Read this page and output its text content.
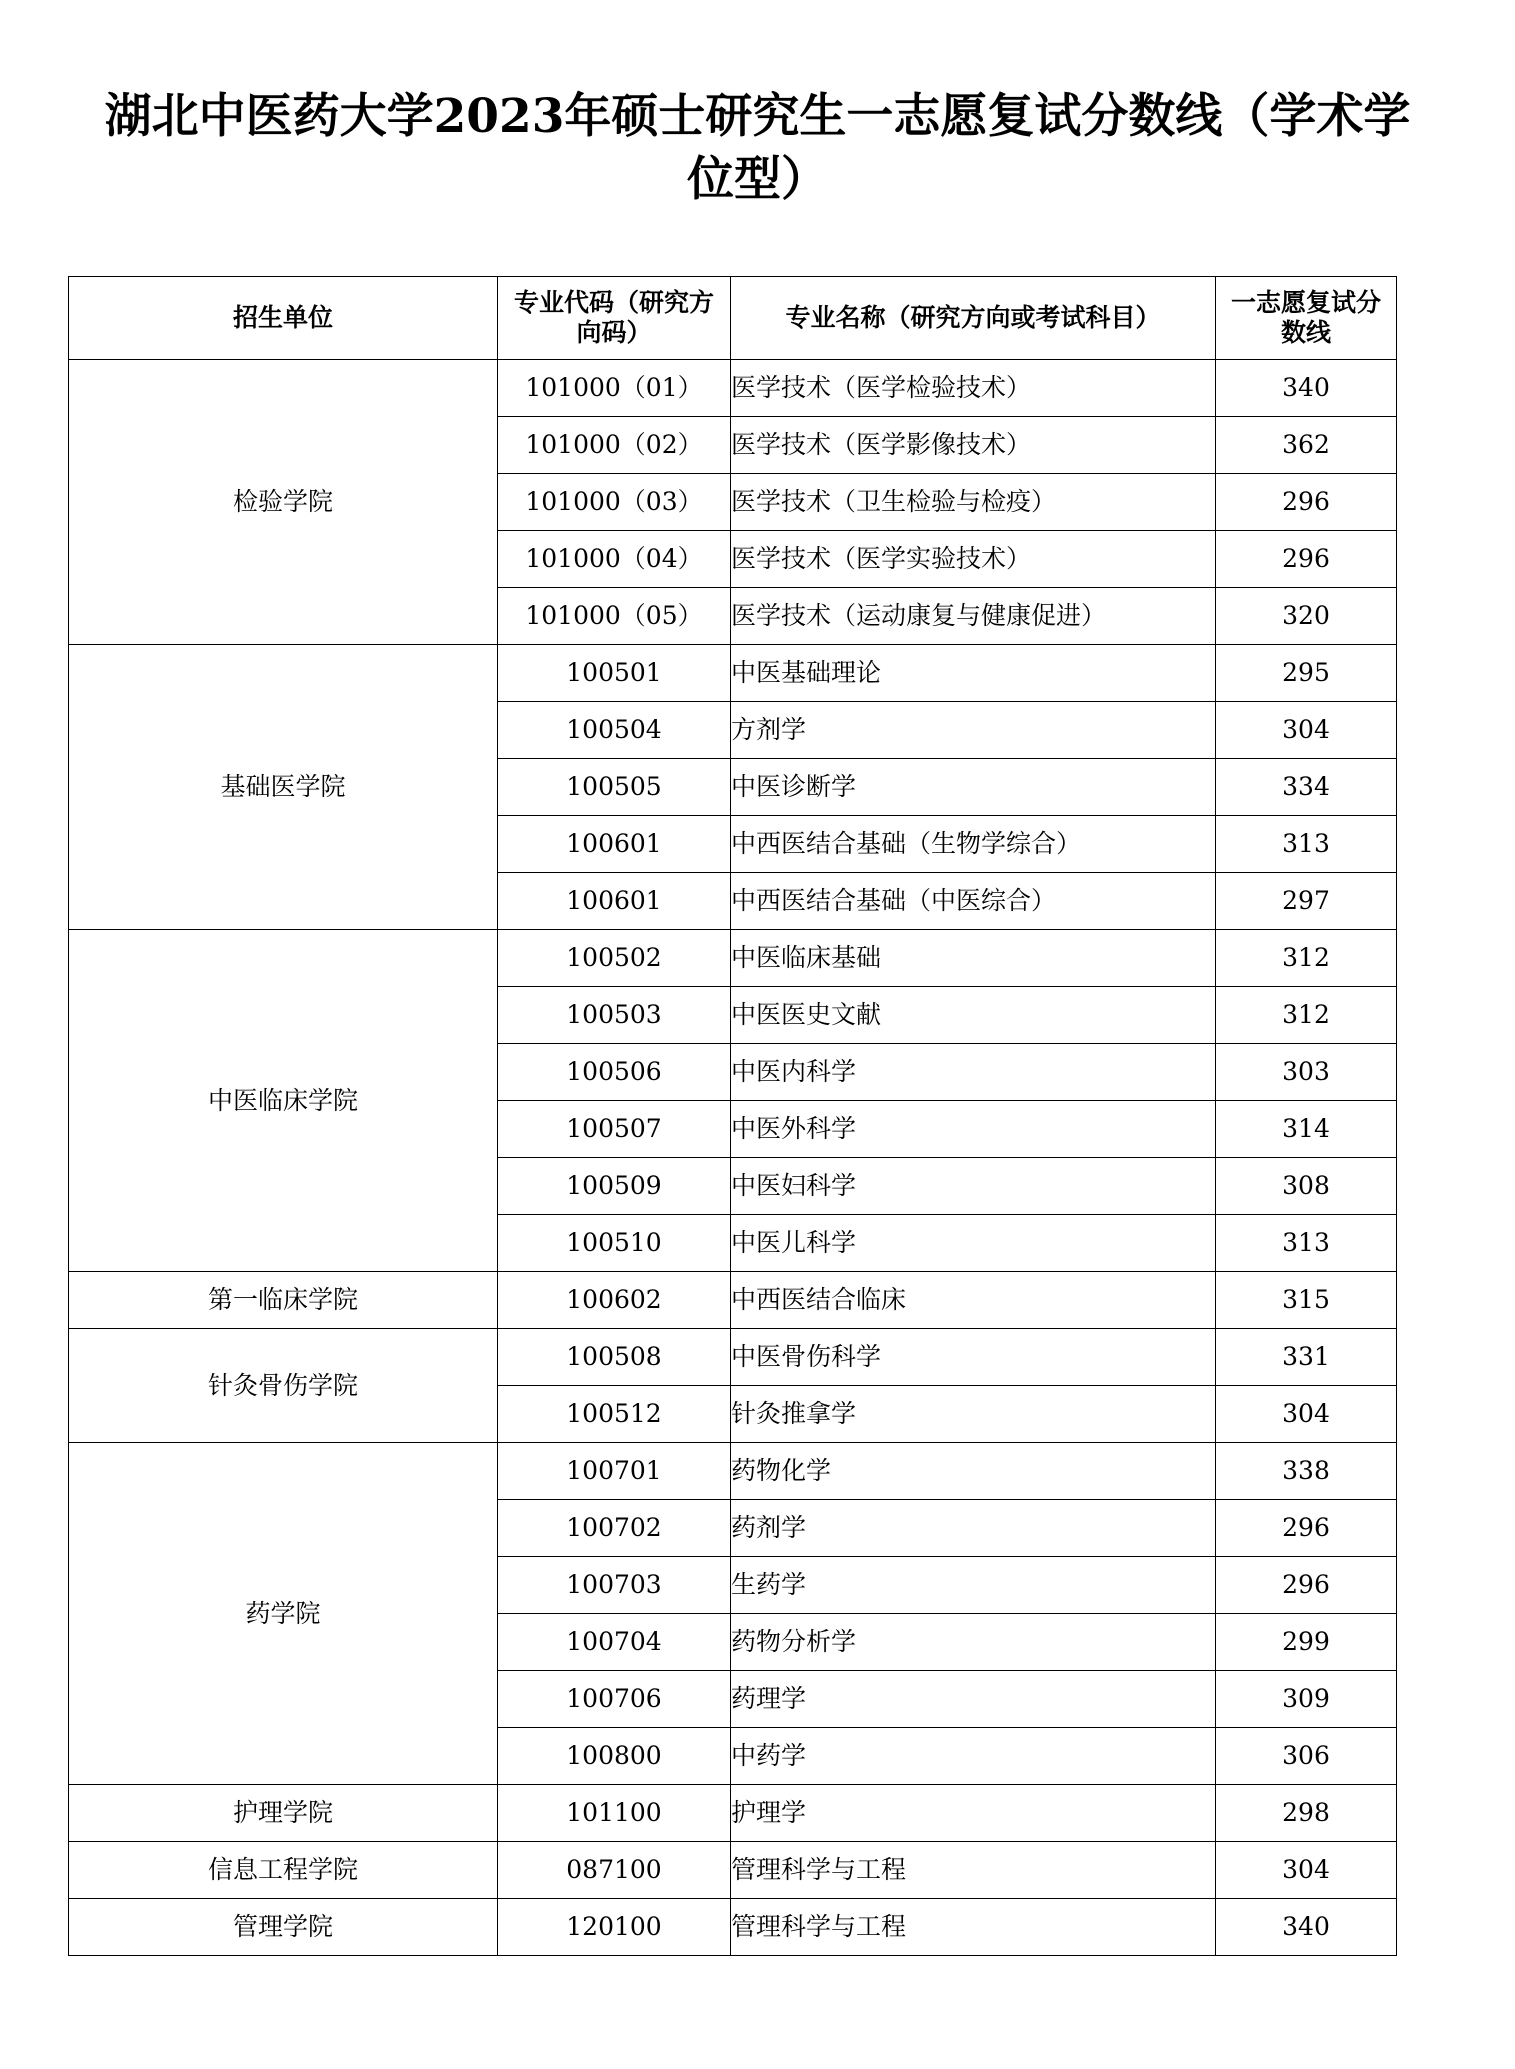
湖北中医药大学2023年硕士研究生一志愿复试分数线（学术学位型）
招生单位	专业代码（研究方向码）	专业名称（研究方向或考试科目）	一志愿复试分数线
检验学院	101000（01）	医学技术（医学检验技术）	340
	101000（02）	医学技术（医学影像技术）	362
	101000（03）	医学技术（卫生检验与检疫）	296
	101000（04）	医学技术（医学实验技术）	296
	101000（05）	医学技术（运动康复与健康促进）	320
基础医学院	100501	中医基础理论	295
	100504	方剂学	304
	100505	中医诊断学	334
	100601	中西医结合基础（生物学综合）	313
	100601	中西医结合基础（中医综合）	297
中医临床学院	100502	中医临床基础	312
	100503	中医医史文献	312
	100506	中医内科学	303
	100507	中医外科学	314
	100509	中医妇科学	308
	100510	中医儿科学	313
第一临床学院	100602	中西医结合临床	315
针灸骨伤学院	100508	中医骨伤科学	331
	100512	针灸推拿学	304
药学院	100701	药物化学	338
	100702	药剂学	296
	100703	生药学	296
	100704	药物分析学	299
	100706	药理学	309
	100800	中药学	306
护理学院	101100	护理学	298
信息工程学院	087100	管理科学与工程	304
管理学院	120100	管理科学与工程	340
